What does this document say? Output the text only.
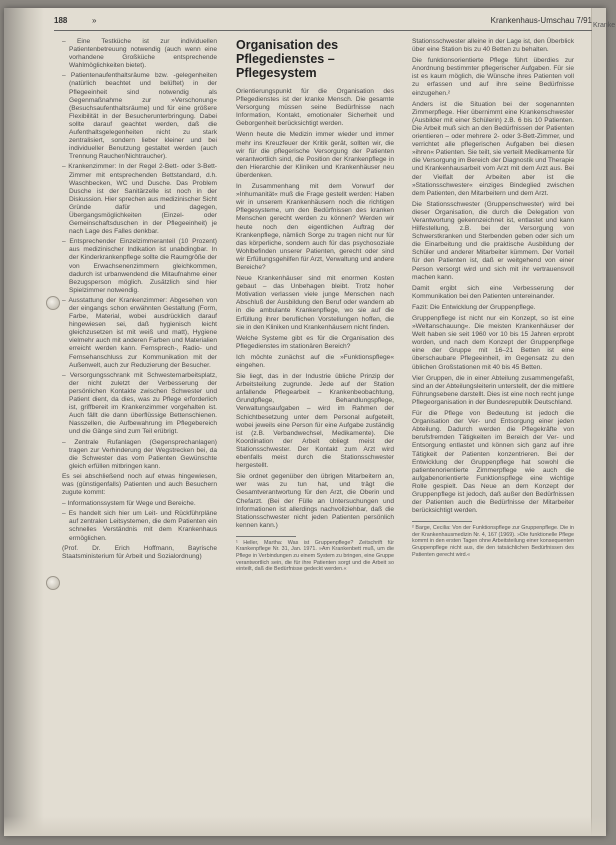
Kranke
188	»	Krankenhaus-Umschau 7/91
– Eine Testküche ist zur individuellen Patientenbetreuung notwendig (auch wenn eine vorhandene Großküche entsprechende Wahlmöglichkeiten bietet).
– Patientenaufenthaltsräume bzw. -gelegenheiten (natürlich beachtet und belüftet) in der Pflegeeinheit sind notwendig als Gegenmaßnahme zur »Verschonung« (Besuchsaufenthaltsräume) und für eine größere Flexibilität in der Besucherunterbringung. Dabei sollte darauf geachtet werden, daß die Aufenthaltsgelegenheiten nicht zu stark zentralisiert, sondern lieber kleiner und bei individueller Benutzung gestaltet werden (auch Trennung Raucher/Nichtraucher).
– Krankenzimmer: In der Regel 2-Bett- oder 3-Bett-Zimmer mit entsprechenden Bettstandard, d.h. Waschbecken, WC und Dusche. Das Problem Dusche ist der Sanitärzelle ist noch in der Diskussion. Hier sprechen aus medizinischer Sicht Gründe dafür und dagegen, Übergangsmöglichkeiten (Einzel- oder Gemeinschaftsduschen in der Pflegeeinheit) je nach Lage des Falles denkbar.
– Entsprechender Einzelzimmeranteil (10 Prozent) aus medizinischer Indikation ist unabdingbar. In der Kinderkrankenpflege sollte die Raumgröße der von Erwachsenenzimmern gleichkommen, dadurch ist urbanwendend die Mitaufnahme einer Bezugsperson möglich. Zusätzlich sind hier Spielzimmer notwendig.
– Ausstattung der Krankenzimmer: Abgesehen von der eingangs schon erwähnten Gestaltung (Form, Farbe, Material, wobei ausdrücklich darauf hingewiesen sei, daß hygienisch leicht gleichzusetzen ist mit weiß und matt), Hygiene vielmehr auch mit anderen Farben und Materialien erreicht werden kann. Fernsprech-, Radio- und Fernsehanschluss zur Kommunikation mit der Außenwelt, auch zur Reduzierung der Besucher.
– Versorgungsschrank mit Schwesternarbeitsplatz, der nicht zuletzt der Verbesserung der persönlichen Kontakte zwischen Schwester und Patient dient, da dies, was zu Pflege erforderlich ist, griffbereit im Krankenzimmer vorgehalten ist. Auch fällt die dann überflüssige Bettenschienen. Nasszellen, die Aufbewahrung im Pflegebereich und die Gänge sind zum Teil erübrigt.
– Zentrale Rufanlagen (Gegensprechanlagen) tragen zur Verhinderung der Wegstrecken bei, da die Schwester das vom Patienten Gewünschte gleich erfüllen mitbringen kann.

Es sei abschließend noch auf etwas hingewiesen, was (günstigenfalls) Patienten und auch Besuchern zugute kommt:

– Informationssystem für Wege und Bereiche.
– Es handelt sich hier um Leit- und Rückführpläne auf zentralen Leitsystemen, die dem Patienten ein schnelles Verständnis mit dem Krankenhaus ermöglichen.

(Prof. Dr. Erich Hoffmann, Bayrische Staatsministerium für Arbeit und Sozialordnung)

Organisation des Pflegedienstes – Pflegesystem

Orientierungspunkt für die Organisation des Pflegedienstes ist der kranke Mensch. Die gesamte Versorgung müssen seine Bedürfnisse nach Information, Kontakt, emotionaler Sicherheit und Geborgenheit berücksichtigt werden.

Wenn heute die Medizin immer wieder und immer mehr ins Kreuzfeuer der Kritik gerät, sollten wir, die wir für die pflegerische Versorgung der Patienten verantwortlich sind, die Position der Krankenpflege in den Hierarchie der Kliniken und Krankenhäuser neu überdenken.

In Zusammenhang mit dem Vorwurf der »Inhumanität« muß die Frage gestellt werden: Haben wir in unserem Krankenhäusern noch die richtigen Pflegesysteme, um den Bedürfnissen des kranken Menschen gerecht werden zu können? Werden wir heute noch den eigentlichen Auftrag der Krankenpflege, nämlich Sorge zu tragen nicht nur für das körperliche, sondern auch für das psychosoziale Wohlbefinden unserer Patienten, gerecht oder sind wir Erfüllungsgehilfen für Arzt, Verwaltung und andere Bereiche?

Neue Krankenhäuser sind mit enormen Kosten gebaut – das Unbehagen bleibt. Trotz hoher Motivation verlassen viele junge Menschen nach Abschluß der Ausbildung den Beruf oder wandern ab in die ambulante Krankenpflege, wo sie auf die Erfüllung ihrer beruflichen Vorstellungen hoffen, die sie in den Kliniken und Krankenhäusern nicht finden.

Welche Systeme gibt es für die Organisation des Pflegedienstes im stationären Bereich?

Ich möchte zunächst auf die »Funktionspflege« eingehen.

Sie liegt, das in der Industrie übliche Prinzip der Arbeitsteilung zugrunde. Jede auf der Station anfallende Pflegearbeit – Krankenbeobachtung, Grundpflege, Behandlungspflege, Verwaltungsaufgaben – wird im Rahmen der Schichtbesetzung unter dem Personal aufgeteilt, wobei jeweils eine Person für eine Aufgabe zuständig ist (z.B. Verbandwechsel, Medikamente). Die Koordination der Arbeit obliegt meist der Stationsschwester. Der Kontakt zum Arzt wird ebenfalls meist durch die Stationsschwester hergestellt.

Sie ordnet gegenüber den übrigen Mitarbeitern an, wer was zu tun hat, und trägt die Gesamtverantwortung für den Arzt, die Oberin und Chefarzt. (Bei der Fülle an Untersuchungen und Informationen ist allerdings nachvollziehbar, daß die Stationsschwester nicht jeden Patienten persönlich kennen kann.)

¹ Heller, Martha: Was ist Gruppenpflege? Zeitschrift für Krankenpflege Nr. 31, Jan. 1971. »Am Krankenbett muß, um die Pflege in Verbindungen zu einem System zu bringen, eine Gruppe verantwortlich sein, die für ihre Patienten sorgt und die Arbeit so einteilt, daß die Bedürfnisse gedeckt werden.«

Stationsschwester alleine in der Lage ist, den Überblick über eine Station bis zu 40 Betten zu behalten.

Die funktionsorientierte Pflege führt überdies zur Anordnung bestimmter pflegerischer Aufgaben. Für sie ist es kaum möglich, die Wünsche ihres Patienten voll zu erfassen und auf ihre seine Bedürfnisse einzugehen.²

Anders ist die Situation bei der sogenannten Zimmerpflege. Hier übernimmt eine Krankenschwester (Ausbilder mit einer Schülerin) z.B. 6 bis 10 Patienten. Die Arbeit muß sich an den Bedürfnissen der Patienten orientieren – oder mehrere 2- oder 3-Bett-Zimmer, und verrichtet alle pflegerischen Aufgaben bei diesen »ihren« Patienten. Sie teilt, sie verteilt Medikamente für die Versorgung im Bereich der Diagnostik und Therapie und Krankenhausarbeit vom Arzt mit dem Arzt aus. Bei der Vielfalt der Arbeiten aber ist die »Stationsschwester« einziges Bindeglied zwischen dem Patienten, den Mitarbeitern und dem Arzt.

Die Stationsschwester (Gruppenschwester) wird bei dieser Organisation, die durch die Delegation von Verantwortung gekennzeichnet ist, entlastet und kann Hilfestellung, z.B. bei der Versorgung von Schwerstkranken und Sterbenden geben oder sich um die Einarbeitung und die praktische Ausbildung der Schüler und anderer Mitarbeiter kümmern. Der Vorteil für den Patienten ist, daß er weitgehend von einer Person versorgt wird und sich mit ihr vertrauensvoll machen kann.

Damit ergibt sich eine Verbesserung der Kommunikation bei den Patienten untereinander.

Fazit: Die Entwicklung der Gruppenpflege.

Gruppenpflege ist nicht nur ein Konzept, so ist eine »Weltanschauung«. Die meisten Krankenhäuser der Welt haben sie seit 1960 vor 10 bis 15 Jahren erprobt worden, und nach dem Konzept der Gruppenpflege eine der Gruppe mit 16–21 Betten ist eine überschaubare Pflegeeinheit, im Gegensatz zu den üblichen Großstationen mit 40 bis 45 Betten.

Vier Gruppen, die in einer Abteilung zusammengefaßt, sind an der Abteilungsleiterin unterstellt, der die mittlere Führungsebene darstellt. Dies ist eine noch recht junge Pflegeorganisation in der Bundesrepublik Deutschland.

Für die Pflege von Bedeutung ist jedoch die Organisation der Ver- und Entsorgung einer jeden Abteilung. Dadurch werden die Pflegekräfte von berufsfremden Tätigkeiten im Bereich der Ver- und Entsorgung entlastet und können sich ganz auf ihre Tätigkeit der Patienten konzentrieren. Bei der Entwicklung der Gruppenpflege hat sowohl die patientenorientierte Zimmerpflege wie auch die aufgabenorientierte Funktionspflege eine wichtige Rolle gespielt. Das Neue an dem Konzept der Gruppenpflege ist jedoch, daß außer den Bedürfnissen der Patienten auch die Bedürfnisse der Mitarbeiter berücksichtigt werden.

² Barge, Cecilia: Von der Funktionspflege zur Gruppenpflege. Die in der Krankenhausmedizin Nr. 4, 167 (1969). »Die funktionelle Pflege kommt in den ersten Tagen ohne Arbeitsteilung einer konsequenten Gruppenpflege nicht aus, die den tatsächlichen Bedürfnissen des Patienten gerecht wird.«
